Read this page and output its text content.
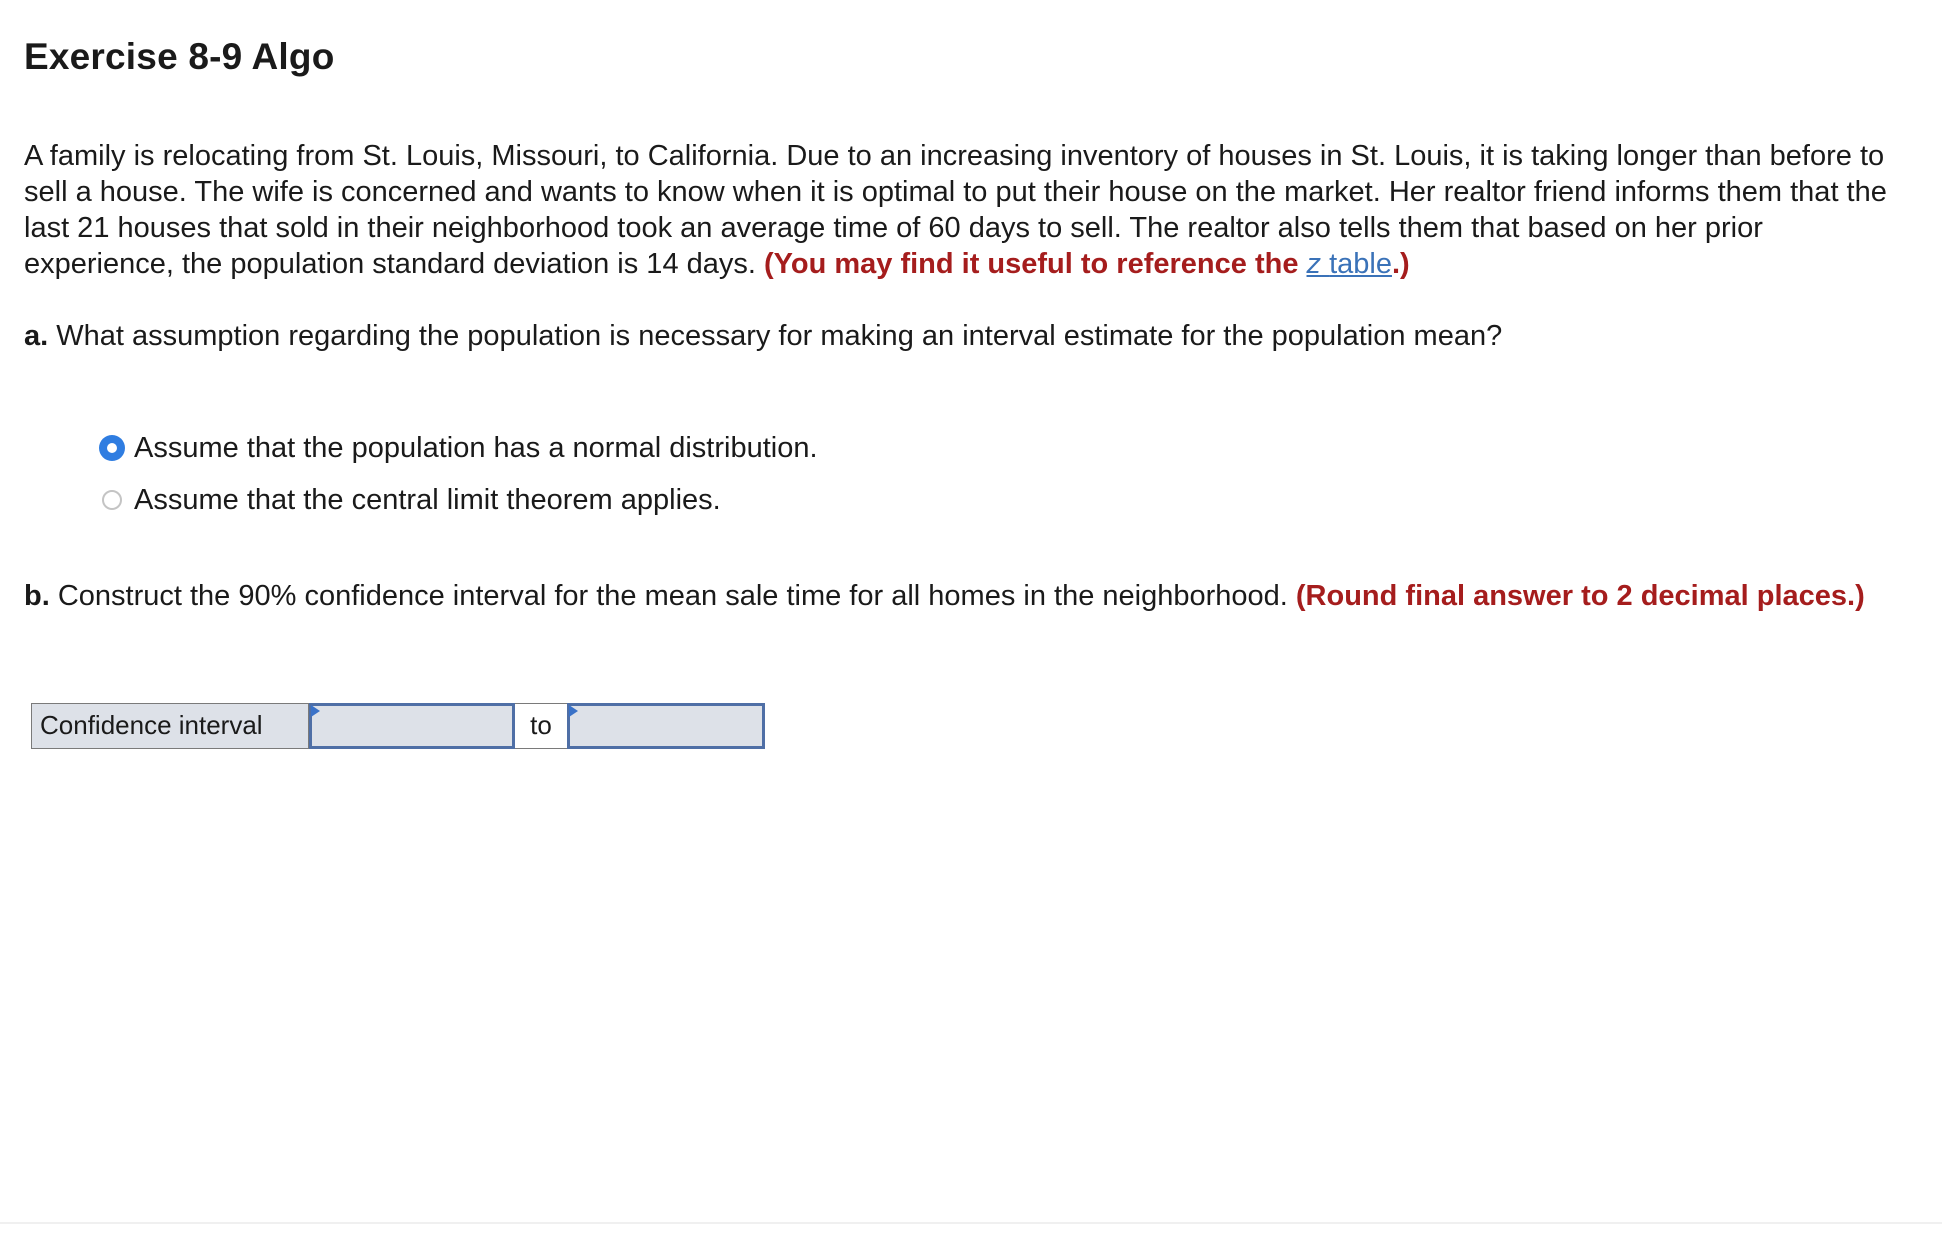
Exercise 8-9 Algo

A family is relocating from St. Louis, Missouri, to California. Due to an increasing inventory of houses in St. Louis, it is taking longer than before to sell a house. The wife is concerned and wants to know when it is optimal to put their house on the market. Her realtor friend informs them that the last 21 houses that sold in their neighborhood took an average time of 60 days to sell. The realtor also tells them that based on her prior experience, the population standard deviation is 14 days. (You may find it useful to reference the z table.)

a. What assumption regarding the population is necessary for making an interval estimate for the population mean?

Assume that the population has a normal distribution.
Assume that the central limit theorem applies.

b. Construct the 90% confidence interval for the mean sale time for all homes in the neighborhood. (Round final answer to 2 decimal places.)

Confidence interval	to
